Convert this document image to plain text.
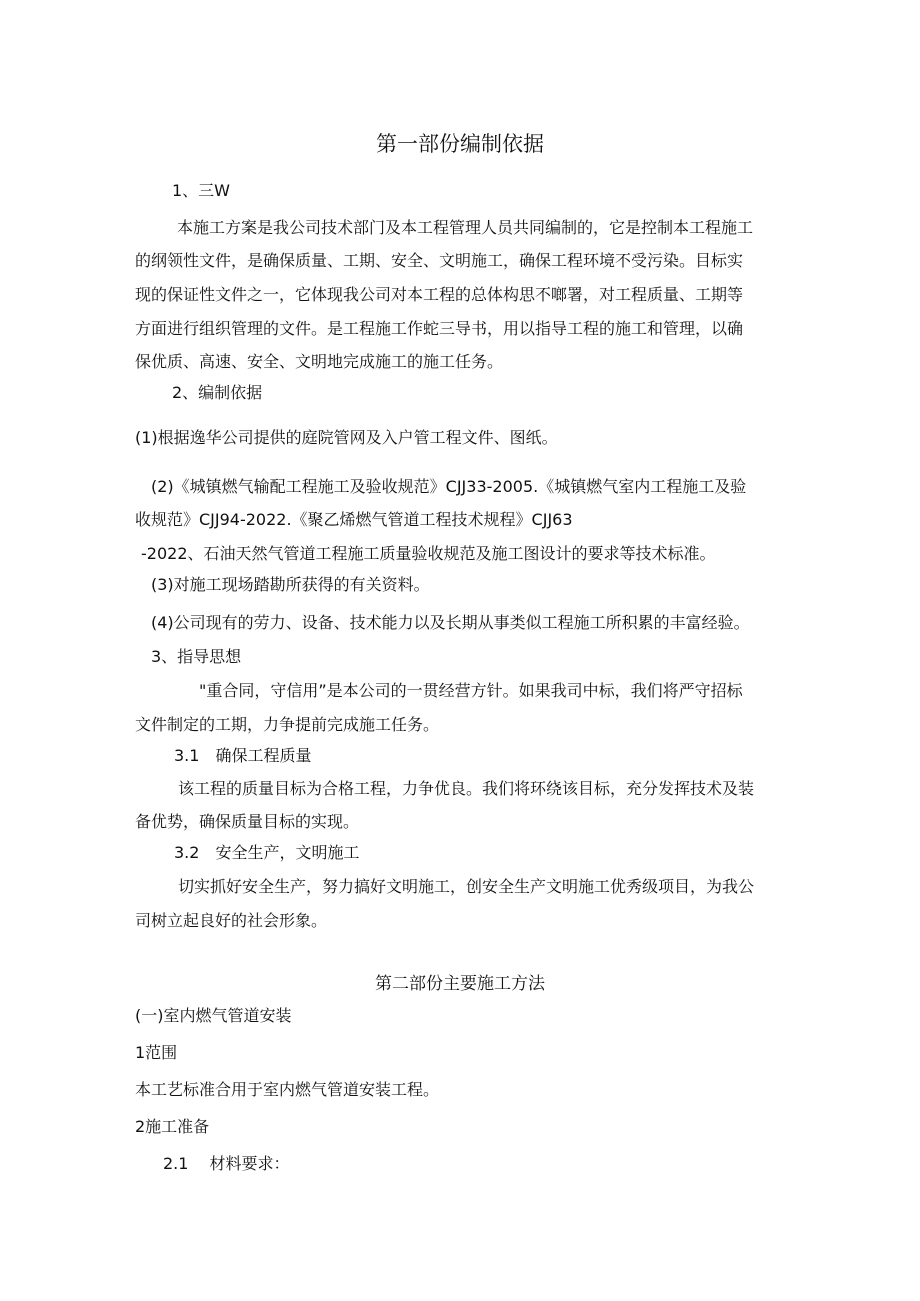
第一部份编制依据
1、三W
本施工方案是我公司技术部门及本工程管理人员共同编制的，它是控制本工程施工
的纲领性文件，是确保质量、工期、安全、文明施工，确保工程环境不受污染。目标实
现的保证性文件之一，它体现我公司对本工程的总体构思不啷署，对工程质量、工期等
方面进行组织管理的文件。是工程施工作蛇三导书，用以指导工程的施工和管理，以确
保优质、高速、安全、文明地完成施工的施工任务。
2、编制依据
(1)根据逸华公司提供的庭院管网及入户管工程文件、图纸。
(2)《城镇燃气输配工程施工及验收规范》CJJ33-2005.《城镇燃气室内工程施工及验
收规范》CJJ94-2022.《聚乙烯燃气管道工程技术规程》CJJ63
-2022、石油天然气管道工程施工质量验收规范及施工图设计的要求等技术标准。
(3)对施工现场踏勘所获得的有关资料。
(4)公司现有的劳力、设备、技术能力以及长期从事类似工程施工所积累的丰富经验。
3、指导思想
"重合同，守信用”是本公司的一贯经营方针。如果我司中标，我们将严守招标
文件制定的工期，力争提前完成施工任务。
3.1　确保工程质量
该工程的质量目标为合格工程，力争优良。我们将环绕该目标，充分发挥技术及装
备优势，确保质量目标的实现。
3.2　安全生产，文明施工
切实抓好安全生产，努力搞好文明施工，创安全生产文明施工优秀级项目，为我公
司树立起良好的社会形象。
第二部份主要施工方法
(一)室内燃气管道安装
1范围
本工艺标准合用于室内燃气管道安装工程。
2施工准备
2.1　 材料要求：
